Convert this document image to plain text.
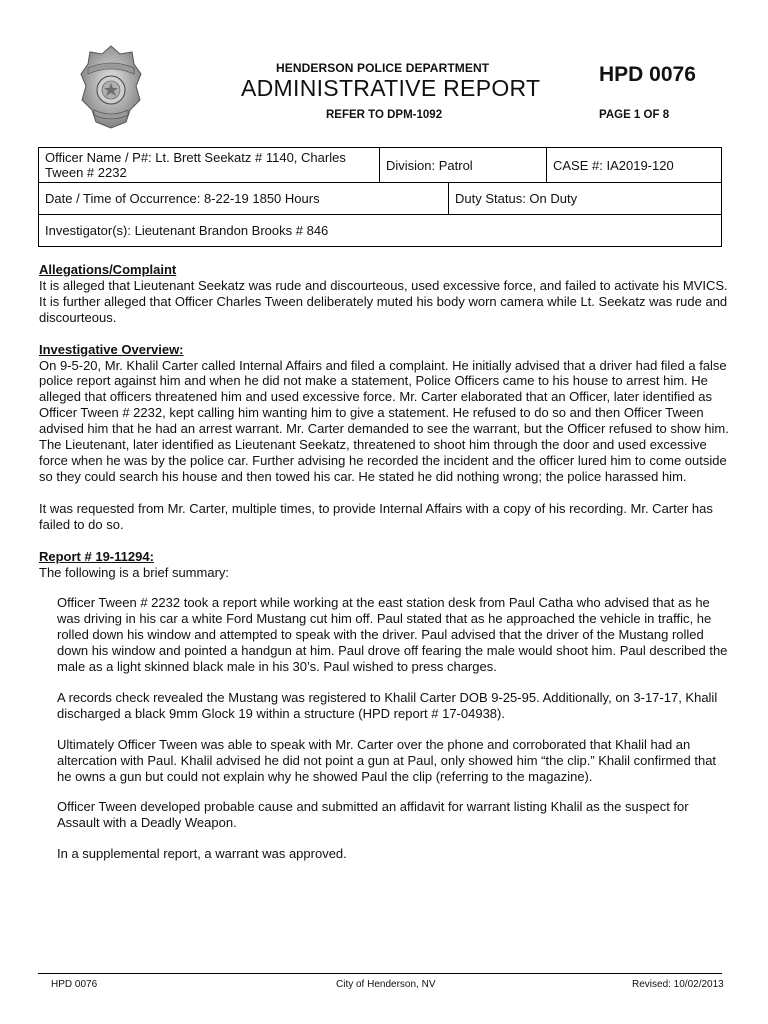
HENDERSON POLICE DEPARTMENT
ADMINISTRATIVE REPORT
REFER TO DPM-1092
HPD 0076
PAGE 1 OF 8
Officer Name / P#: Lt. Brett Seekatz # 1140, Charles Tween # 2232	Division: Patrol	CASE #: IA2019-120
Date / Time of Occurrence: 8-22-19 1850 Hours	Duty Status: On Duty
Investigator(s): Lieutenant Brandon Brooks # 846
Allegations/Complaint

It is alleged that Lieutenant Seekatz was rude and discourteous, used excessive force, and failed to activate his MVICS. It is further alleged that Officer Charles Tween deliberately muted his body worn camera while Lt. Seekatz was rude and discourteous.

Investigative Overview:

On 9-5-20, Mr. Khalil Carter called Internal Affairs and filed a complaint. He initially advised that a driver had filed a false police report against him and when he did not make a statement, Police Officers came to his house to arrest him. He alleged that officers threatened him and used excessive force. Mr. Carter elaborated that an Officer, later identified as Officer Tween # 2232, kept calling him wanting him to give a statement. He refused to do so and then Officer Tween advised him that he had an arrest warrant. Mr. Carter demanded to see the warrant, but the Officer refused to show him. The Lieutenant, later identified as Lieutenant Seekatz, threatened to shoot him through the door and used excessive force when he was by the police car. Further advising he recorded the incident and the officer lured him to come outside so they could search his house and then towed his car. He stated he did nothing wrong; the police harassed him.

It was requested from Mr. Carter, multiple times, to provide Internal Affairs with a copy of his recording. Mr. Carter has failed to do so.

Report # 19-11294:

The following is a brief summary:

Officer Tween # 2232 took a report while working at the east station desk from Paul Catha who advised that as he was driving in his car a white Ford Mustang cut him off. Paul stated that as he approached the vehicle in traffic, he rolled down his window and attempted to speak with the driver. Paul advised that the driver of the Mustang rolled down his window and pointed a handgun at him. Paul drove off fearing the male would shoot him. Paul described the male as a light skinned black male in his 30’s. Paul wished to press charges.

A records check revealed the Mustang was registered to Khalil Carter DOB 9-25-95. Additionally, on 3-17-17, Khalil discharged a black 9mm Glock 19 within a structure (HPD report # 17-04938).

Ultimately Officer Tween was able to speak with Mr. Carter over the phone and corroborated that Khalil had an altercation with Paul. Khalil advised he did not point a gun at Paul, only showed him “the clip.” Khalil confirmed that he owns a gun but could not explain why he showed Paul the clip (referring to the magazine).

Officer Tween developed probable cause and submitted an affidavit for warrant listing Khalil as the suspect for Assault with a Deadly Weapon.

In a supplemental report, a warrant was approved.

HPD 0076	City of Henderson, NV	Revised: 10/02/2013
